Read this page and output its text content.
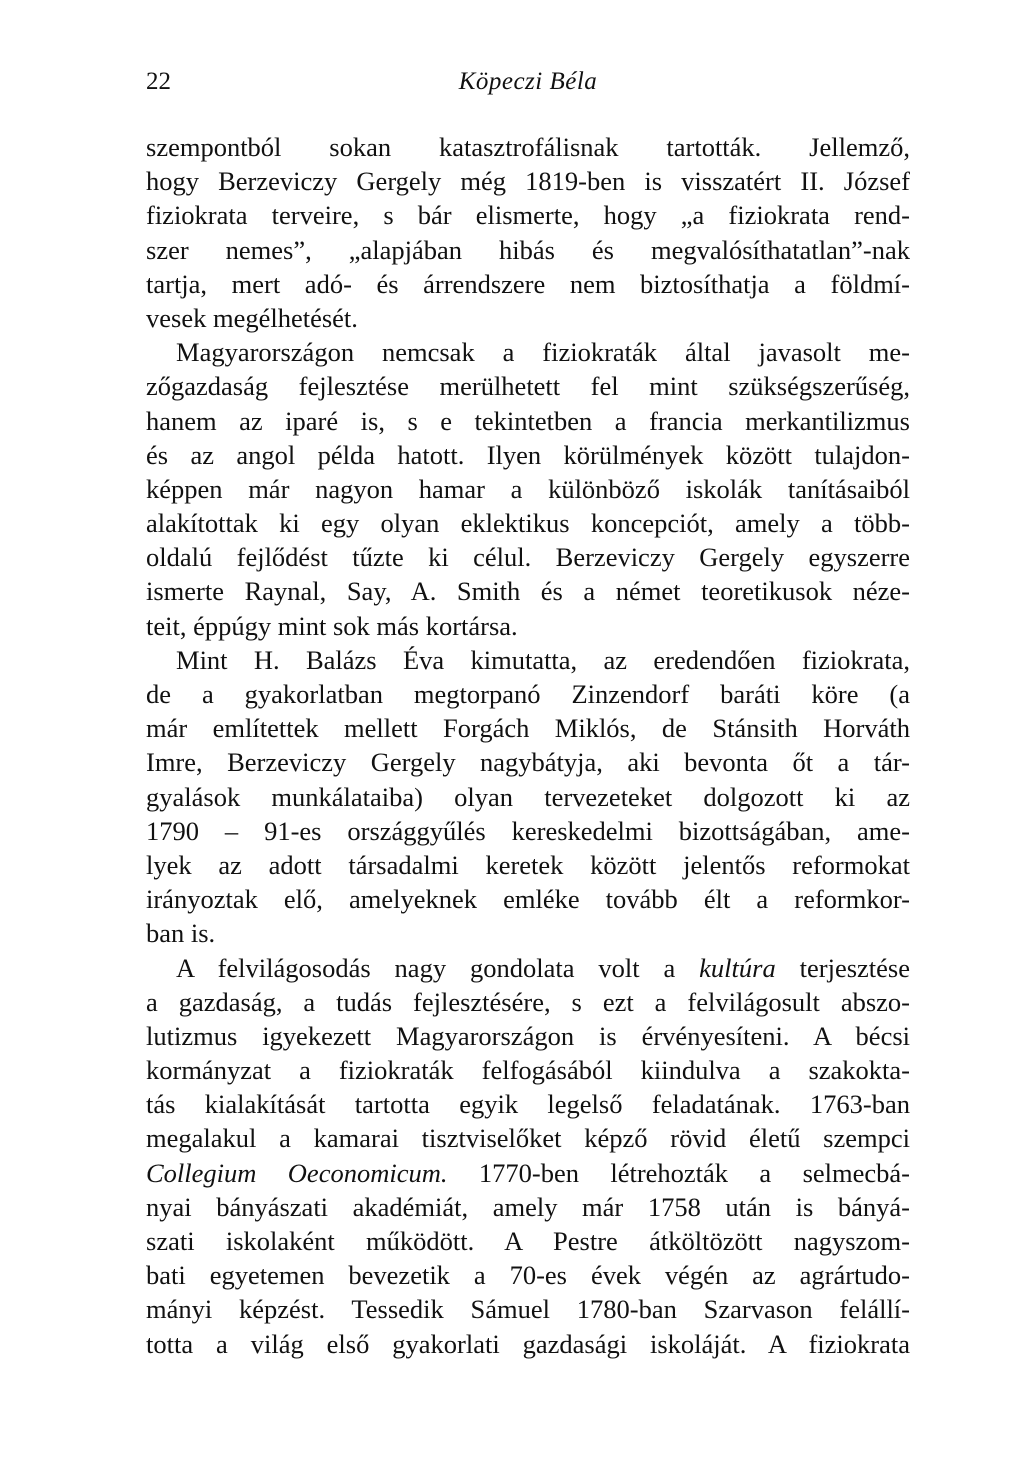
22	Köpeczi Béla
szempontból sokan katasztrofálisnak tartották. Jellemző,
hogy Berzeviczy Gergely még 1819-ben is visszatért II. József
fiziokrata terveire, s bár elismerte, hogy „a fiziokrata rend-
szer nemes”, „alapjában hibás és megvalósíthatatlan”-nak
tartja, mert adó- és árrendszere nem biztosíthatja a földmí-
vesek megélhetését.
Magyarországon nemcsak a fiziokraták által javasolt me-
zőgazdaság fejlesztése merülhetett fel mint szükségszerűség,
hanem az iparé is, s e tekintetben a francia merkantilizmus
és az angol példa hatott. Ilyen körülmények között tulajdon-
képpen már nagyon hamar a különböző iskolák tanításaiból
alakítottak ki egy olyan eklektikus koncepciót, amely a több-
oldalú fejlődést tűzte ki célul. Berzeviczy Gergely egyszerre
ismerte Raynal, Say, A. Smith és a német teoretikusok néze-
teit, éppúgy mint sok más kortársa.
Mint H. Balázs Éva kimutatta, az eredendően fiziokrata,
de a gyakorlatban megtorpanó Zinzendorf baráti köre (a
már említettek mellett Forgách Miklós, de Stánsith Horváth
Imre, Berzeviczy Gergely nagybátyja, aki bevonta őt a tár-
gyalások munkálataiba) olyan tervezeteket dolgozott ki az
1790 – 91-es országgyűlés kereskedelmi bizottságában, ame-
lyek az adott társadalmi keretek között jelentős reformokat
irányoztak elő, amelyeknek emléke tovább élt a reformkor-
ban is.
A felvilágosodás nagy gondolata volt a kultúra terjesztése
a gazdaság, a tudás fejlesztésére, s ezt a felvilágosult abszo-
lutizmus igyekezett Magyarországon is érvényesíteni. A bécsi
kormányzat a fiziokraták felfogásából kiindulva a szakokta-
tás kialakítását tartotta egyik legelső feladatának. 1763-ban
megalakul a kamarai tisztviselőket képző rövid életű szempci
Collegium Oeconomicum. 1770-ben létrehozták a selmecbá-
nyai bányászati akadémiát, amely már 1758 után is bányá-
szati iskolaként működött. A Pestre átköltözött nagyszom-
bati egyetemen bevezetik a 70-es évek végén az agrártudo-
mányi képzést. Tessedik Sámuel 1780-ban Szarvason felállí-
totta a világ első gyakorlati gazdasági iskoláját. A fiziokrata
